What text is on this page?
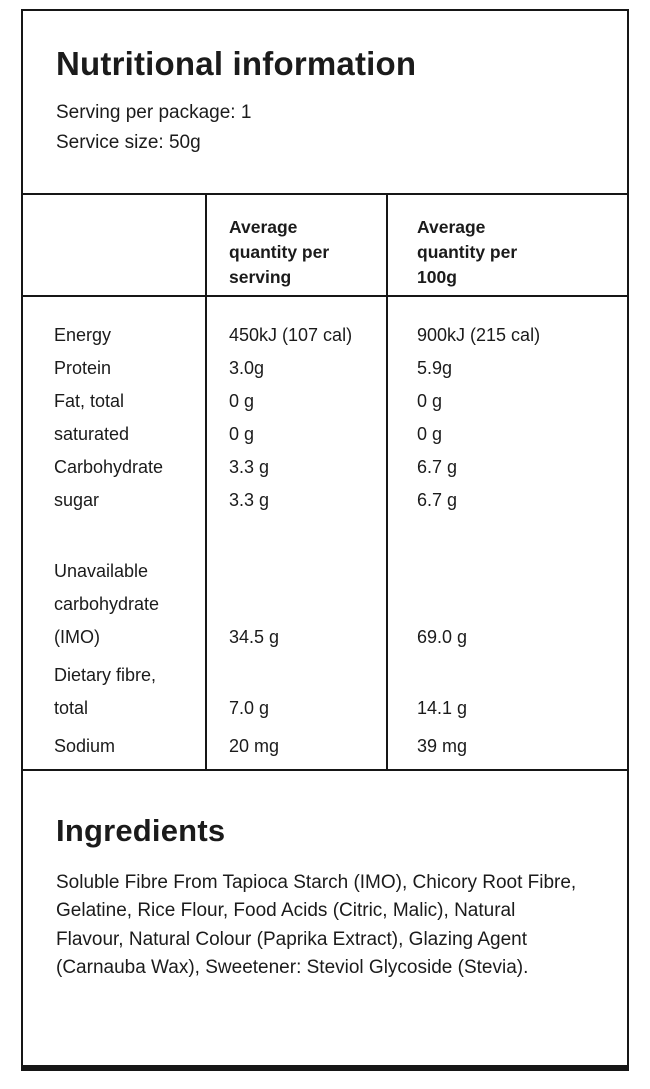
Nutritional information

Serving per package: 1

Service size: 50g

Average quantity per serving
Average quantity per 100g
Energy	450kJ (107 cal)	900kJ (215 cal)
Protein	3.0g	5.9g
Fat, total	0 g	0 g
saturated	0 g	0 g
Carbohydrate	3.3 g	6.7 g
sugar	3.3 g	6.7 g
Unavailable carbohydrate (IMO)	34.5 g	69.0 g
Dietary fibre, total	7.0 g	14.1 g
Sodium	20 mg	39 mg
Ingredients

Soluble Fibre From Tapioca Starch (IMO), Chicory Root Fibre, Gelatine, Rice Flour, Food Acids (Citric, Malic), Natural Flavour, Natural Colour (Paprika Extract), Glazing Agent (Carnauba Wax), Sweetener: Steviol Glycoside (Stevia).
